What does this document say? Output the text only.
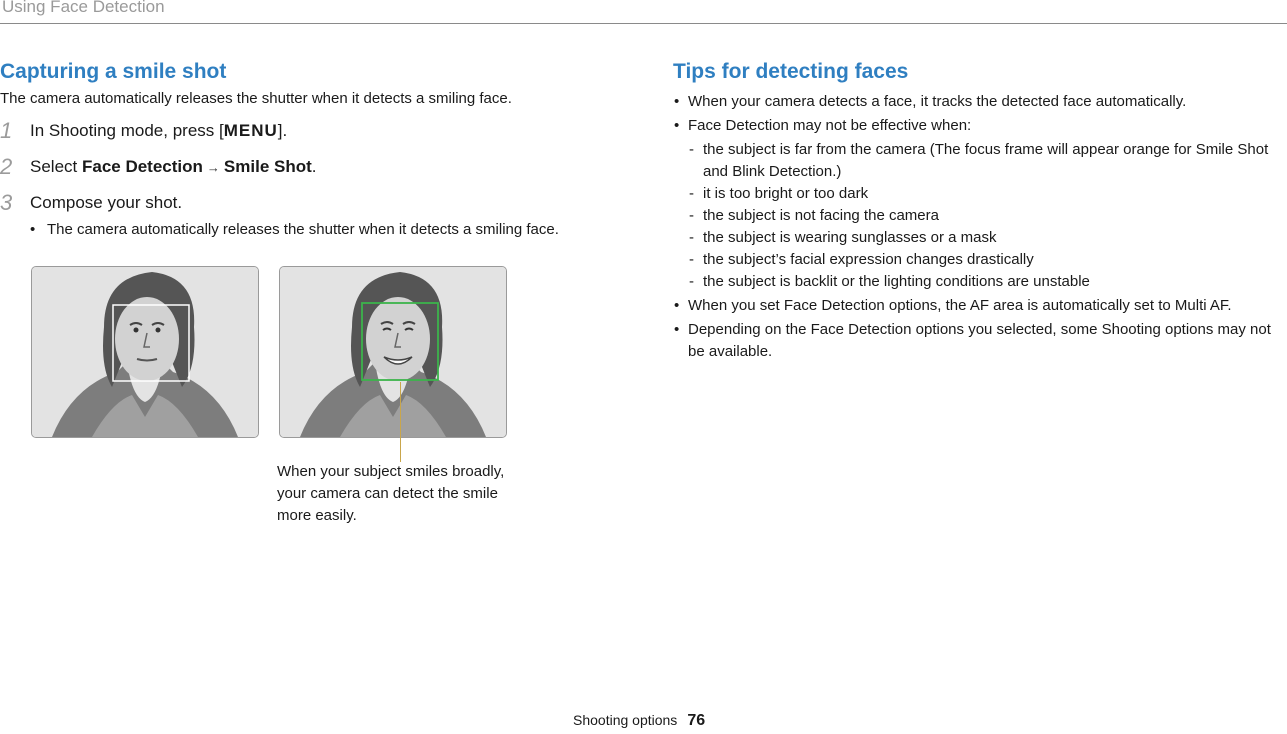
Using Face Detection
Capturing a smile shot
The camera automatically releases the shutter when it detects a smiling face.
1 In Shooting mode, press [MENU].
2 Select Face Detection → Smile Shot.
3 Compose your shot.
• The camera automatically releases the shutter when it detects a smiling face.
When your subject smiles broadly, your camera can detect the smile more easily.
Tips for detecting faces
• When your camera detects a face, it tracks the detected face automatically.
• Face Detection may not be effective when:
- the subject is far from the camera (The focus frame will appear orange for Smile Shot and Blink Detection.)
- it is too bright or too dark
- the subject is not facing the camera
- the subject is wearing sunglasses or a mask
- the subject’s facial expression changes drastically
- the subject is backlit or the lighting conditions are unstable
• When you set Face Detection options, the AF area is automatically set to Multi AF.
• Depending on the Face Detection options you selected, some Shooting options may not be available.
Shooting options 76
